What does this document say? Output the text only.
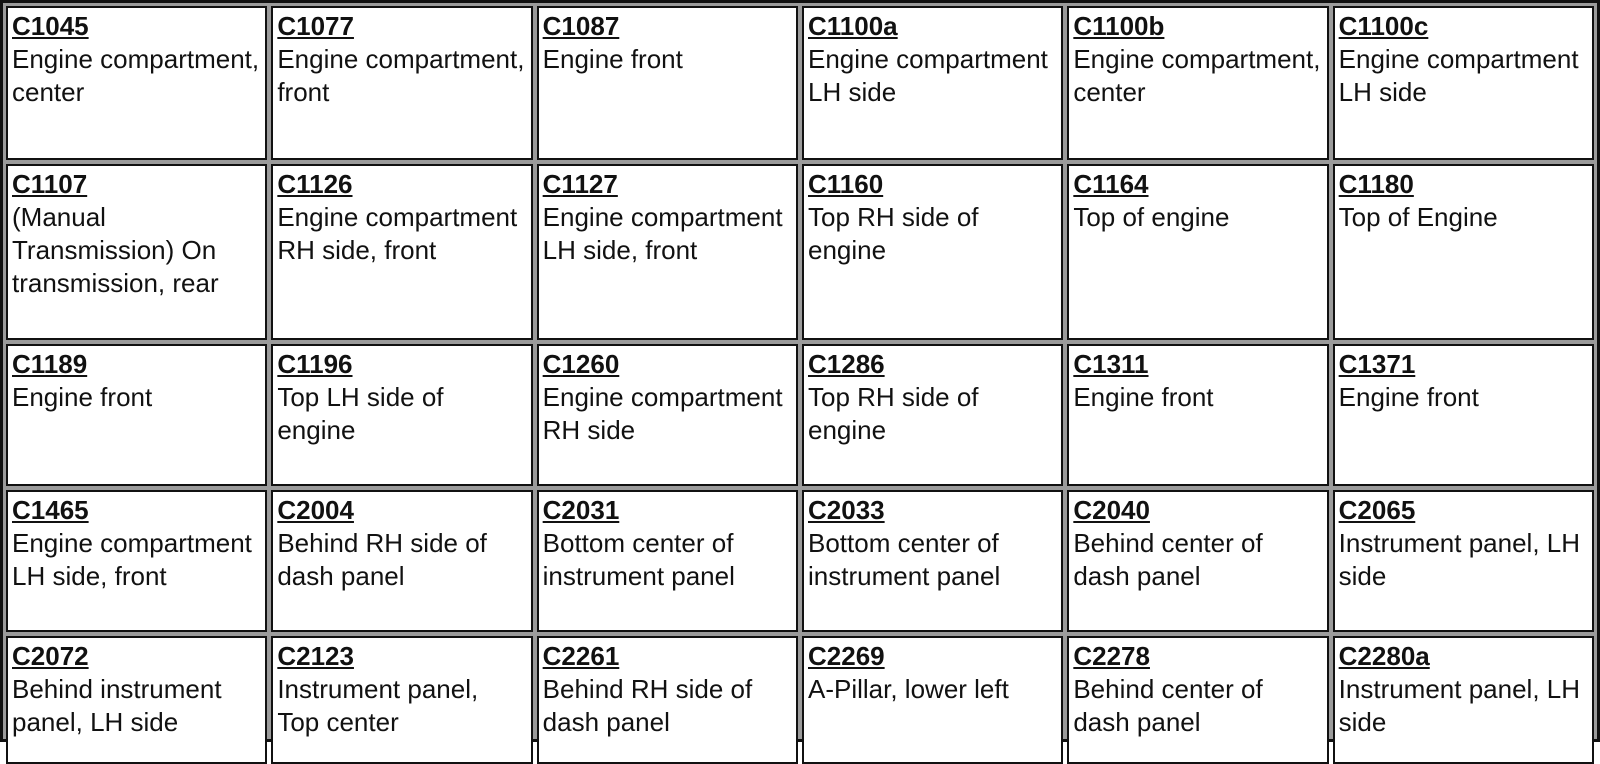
C1045
Engine compartment, center
C1077
Engine compartment, front
C1087
Engine front
C1100a
Engine compartment LH side
C1100b
Engine compartment, center
C1100c
Engine compartment LH side
C1107
(Manual Transmission) On transmission, rear
C1126
Engine compartment RH side, front
C1127
Engine compartment LH side, front
C1160
Top RH side of engine
C1164
Top of engine
C1180
Top of Engine
C1189
Engine front
C1196
Top LH side of engine
C1260
Engine compartment RH side
C1286
Top RH side of engine
C1311
Engine front
C1371
Engine front
C1465
Engine compartment LH side, front
C2004
Behind RH side of dash panel
C2031
Bottom center of instrument panel
C2033
Bottom center of instrument panel
C2040
Behind center of dash panel
C2065
Instrument panel, LH side
C2072
Behind instrument panel, LH side
C2123
Instrument panel, Top center
C2261
Behind RH side of dash panel
C2269
A-Pillar, lower left
C2278
Behind center of dash panel
C2280a
Instrument panel, LH side
